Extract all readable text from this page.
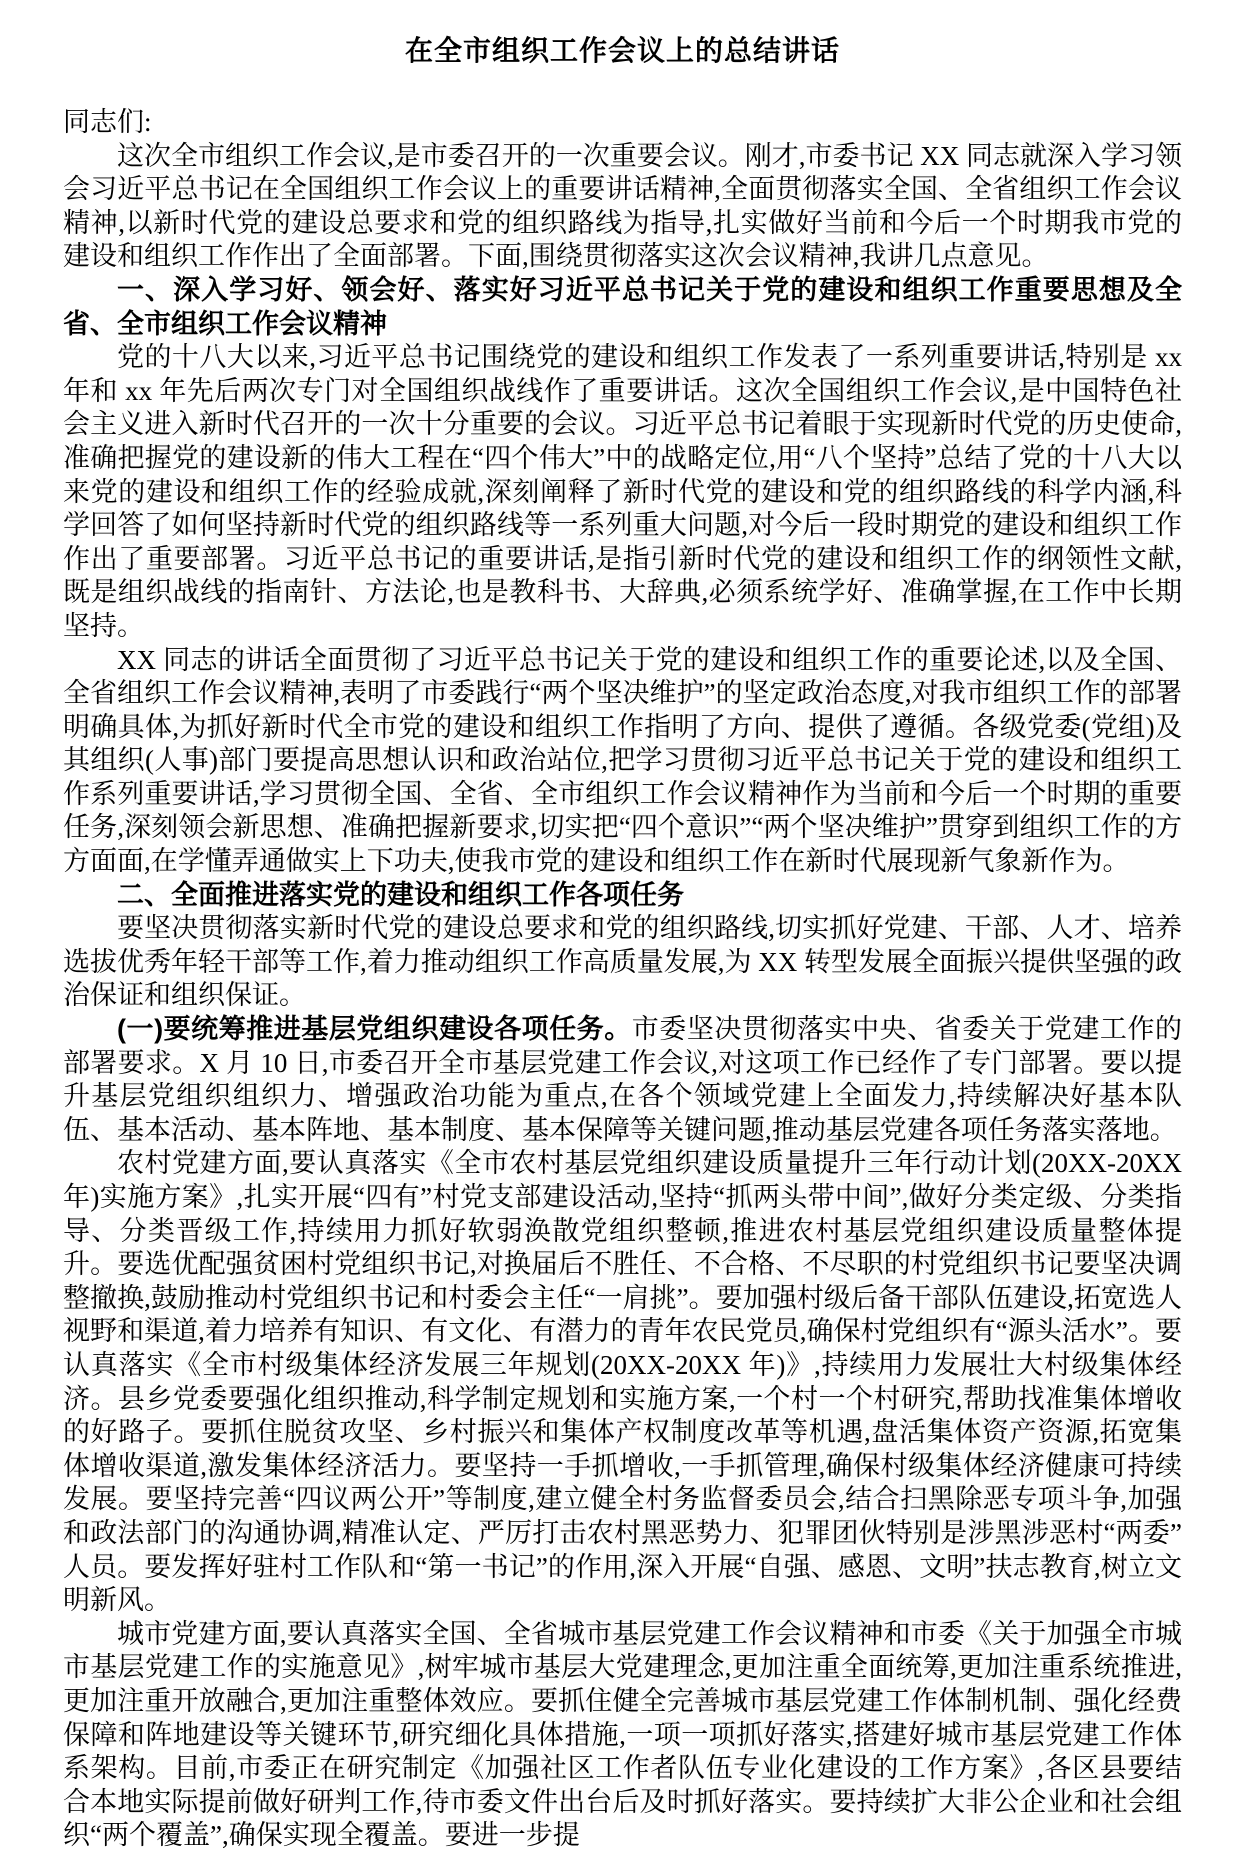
在全市组织工作会议上的总结讲话

同志们:

这次全市组织工作会议,是市委召开的一次重要会议。刚才,市委书记 XX 同志就深入学习领会习近平总书记在全国组织工作会议上的重要讲话精神,全面贯彻落实全国、全省组织工作会议精神,以新时代党的建设总要求和党的组织路线为指导,扎实做好当前和今后一个时期我市党的建设和组织工作作出了全面部署。下面,围绕贯彻落实这次会议精神,我讲几点意见。

一、深入学习好、领会好、落实好习近平总书记关于党的建设和组织工作重要思想及全省、全市组织工作会议精神

党的十八大以来,习近平总书记围绕党的建设和组织工作发表了一系列重要讲话,特别是 xx 年和 xx 年先后两次专门对全国组织战线作了重要讲话。这次全国组织工作会议,是中国特色社会主义进入新时代召开的一次十分重要的会议。习近平总书记着眼于实现新时代党的历史使命,准确把握党的建设新的伟大工程在“四个伟大”中的战略定位,用“八个坚持”总结了党的十八大以来党的建设和组织工作的经验成就,深刻阐释了新时代党的建设和党的组织路线的科学内涵,科学回答了如何坚持新时代党的组织路线等一系列重大问题,对今后一段时期党的建设和组织工作作出了重要部署。习近平总书记的重要讲话,是指引新时代党的建设和组织工作的纲领性文献,既是组织战线的指南针、方法论,也是教科书、大辞典,必须系统学好、准确掌握,在工作中长期坚持。

XX 同志的讲话全面贯彻了习近平总书记关于党的建设和组织工作的重要论述,以及全国、全省组织工作会议精神,表明了市委践行“两个坚决维护”的坚定政治态度,对我市组织工作的部署明确具体,为抓好新时代全市党的建设和组织工作指明了方向、提供了遵循。各级党委(党组)及其组织(人事)部门要提高思想认识和政治站位,把学习贯彻习近平总书记关于党的建设和组织工作系列重要讲话,学习贯彻全国、全省、全市组织工作会议精神作为当前和今后一个时期的重要任务,深刻领会新思想、准确把握新要求,切实把“四个意识”“两个坚决维护”贯穿到组织工作的方方面面,在学懂弄通做实上下功夫,使我市党的建设和组织工作在新时代展现新气象新作为。

二、全面推进落实党的建设和组织工作各项任务

要坚决贯彻落实新时代党的建设总要求和党的组织路线,切实抓好党建、干部、人才、培养选拔优秀年轻干部等工作,着力推动组织工作高质量发展,为 XX 转型发展全面振兴提供坚强的政治保证和组织保证。

(一)要统筹推进基层党组织建设各项任务。市委坚决贯彻落实中央、省委关于党建工作的部署要求。X 月 10 日,市委召开全市基层党建工作会议,对这项工作已经作了专门部署。要以提升基层党组织组织力、增强政治功能为重点,在各个领域党建上全面发力,持续解决好基本队伍、基本活动、基本阵地、基本制度、基本保障等关键问题,推动基层党建各项任务落实落地。

农村党建方面,要认真落实《全市农村基层党组织建设质量提升三年行动计划(20XX-20XX 年)实施方案》,扎实开展“四有”村党支部建设活动,坚持“抓两头带中间”,做好分类定级、分类指导、分类晋级工作,持续用力抓好软弱涣散党组织整顿,推进农村基层党组织建设质量整体提升。要选优配强贫困村党组织书记,对换届后不胜任、不合格、不尽职的村党组织书记要坚决调整撤换,鼓励推动村党组织书记和村委会主任“一肩挑”。要加强村级后备干部队伍建设,拓宽选人视野和渠道,着力培养有知识、有文化、有潜力的青年农民党员,确保村党组织有“源头活水”。要认真落实《全市村级集体经济发展三年规划(20XX-20XX 年)》,持续用力发展壮大村级集体经济。县乡党委要强化组织推动,科学制定规划和实施方案,一个村一个村研究,帮助找准集体增收的好路子。要抓住脱贫攻坚、乡村振兴和集体产权制度改革等机遇,盘活集体资产资源,拓宽集体增收渠道,激发集体经济活力。要坚持一手抓增收,一手抓管理,确保村级集体经济健康可持续发展。要坚持完善“四议两公开”等制度,建立健全村务监督委员会,结合扫黑除恶专项斗争,加强和政法部门的沟通协调,精准认定、严厉打击农村黑恶势力、犯罪团伙特别是涉黑涉恶村“两委”人员。要发挥好驻村工作队和“第一书记”的作用,深入开展“自强、感恩、文明”扶志教育,树立文明新风。

城市党建方面,要认真落实全国、全省城市基层党建工作会议精神和市委《关于加强全市城市基层党建工作的实施意见》,树牢城市基层大党建理念,更加注重全面统筹,更加注重系统推进,更加注重开放融合,更加注重整体效应。要抓住健全完善城市基层党建工作体制机制、强化经费保障和阵地建设等关键环节,研究细化具体措施,一项一项抓好落实,搭建好城市基层党建工作体系架构。目前,市委正在研究制定《加强社区工作者队伍专业化建设的工作方案》,各区县要结合本地实际提前做好研判工作,待市委文件出台后及时抓好落实。要持续扩大非公企业和社会组织“两个覆盖”,确保实现全覆盖。要进一步提
